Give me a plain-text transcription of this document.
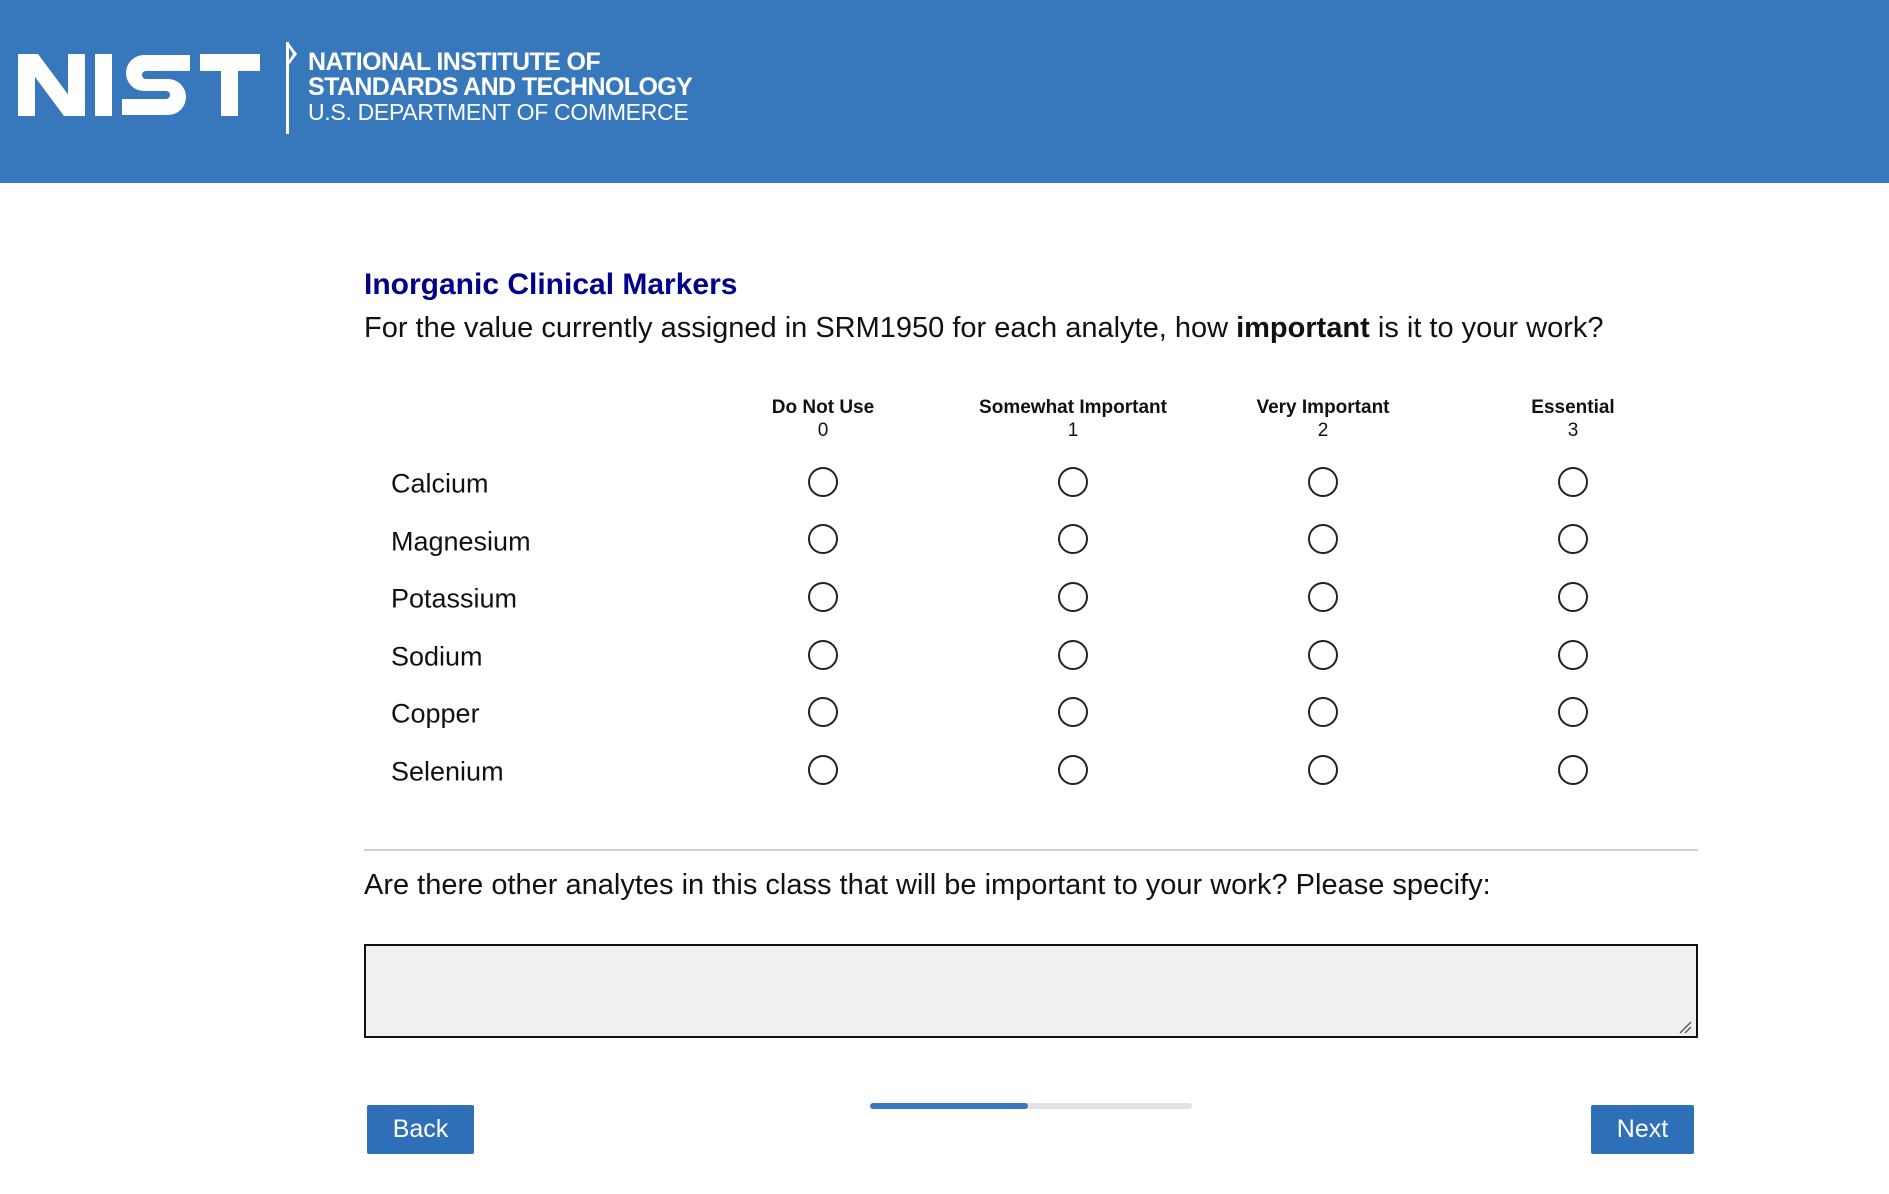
NATIONAL INSTITUTE OF
STANDARDS AND TECHNOLOGY
U.S. DEPARTMENT OF COMMERCE
Inorganic Clinical Markers

For the value currently assigned in SRM1950 for each analyte, how important is it to your work?

Do Not Use
0
Somewhat Important
1
Very Important
2
Essential
3
Calcium
Magnesium
Potassium
Sodium
Copper
Selenium

Are there other analytes in this class that will be important to your work? Please specify:

Back	Next
